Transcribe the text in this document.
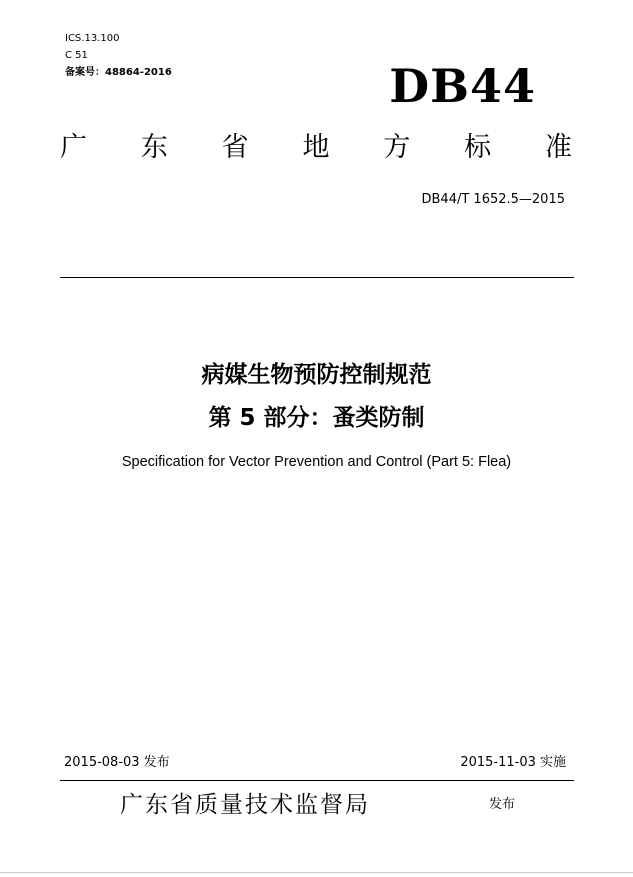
ICS.13.100
C 51
备案号：48864-2016	DB44
广 东 省 地 方 标 准
DB44/T 1652.5—2015
病媒生物预防控制规范
第 5 部分：蚤类防制
Specification for Vector Prevention and Control (Part 5: Flea)
2015-08-03 发布	2015-11-03 实施
广东省质量技术监督局	发布
